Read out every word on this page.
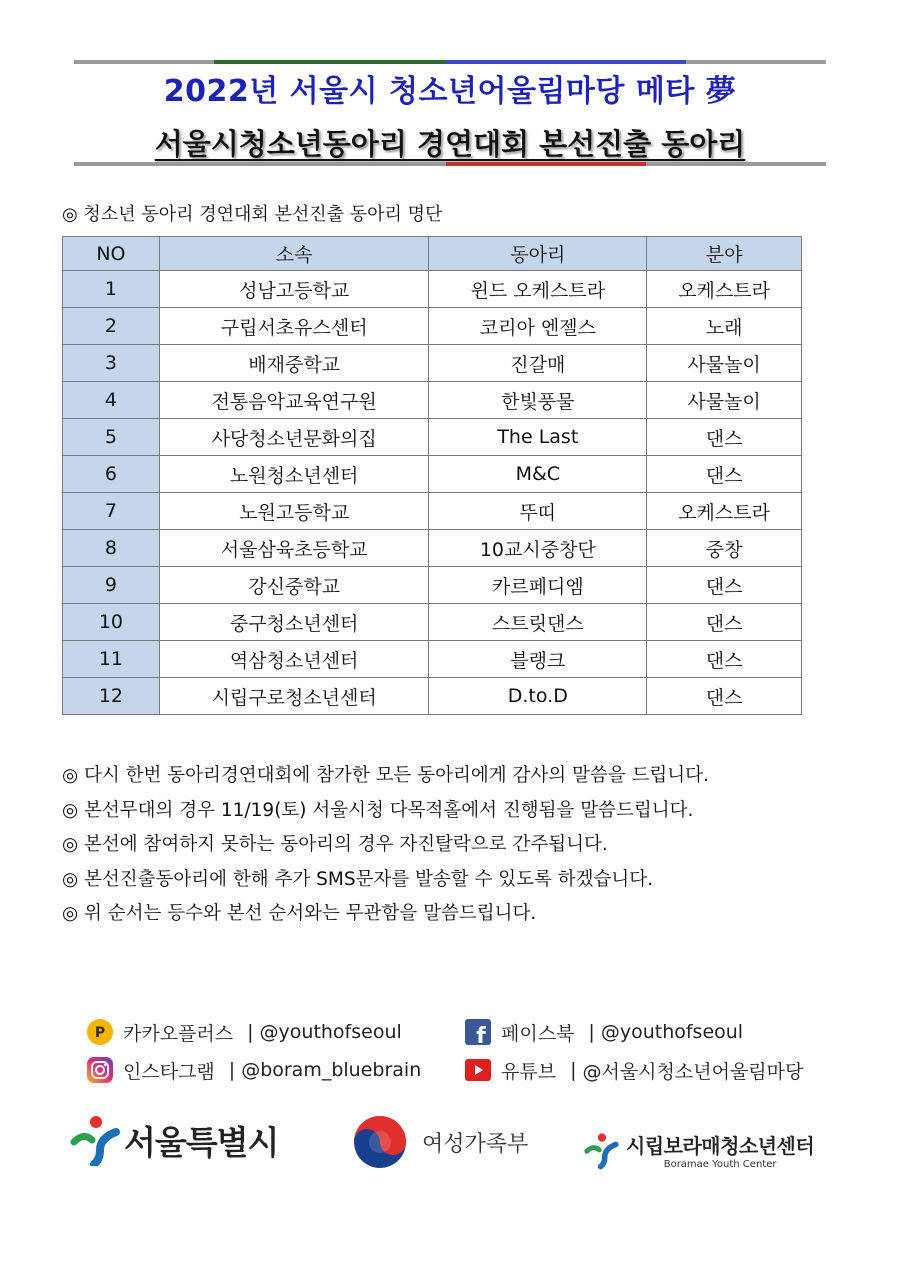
2022년 서울시 청소년어울림마당 메타 夢
서울시청소년동아리 경연대회 본선진출 동아리
◎ 청소년 동아리 경연대회 본선진출 동아리 명단
NO	소속	동아리	분야
1	성남고등학교	윈드 오케스트라	오케스트라
2	구립서초유스센터	코리아 엔젤스	노래
3	배재중학교	진갈매	사물놀이
4	전통음악교육연구원	한빛풍물	사물놀이
5	사당청소년문화의집	The Last	댄스
6	노원청소년센터	M&C	댄스
7	노원고등학교	뚜띠	오케스트라
8	서울삼육초등학교	10교시중창단	중창
9	강신중학교	카르페디엠	댄스
10	중구청소년센터	스트릿댄스	댄스
11	역삼청소년센터	블랭크	댄스
12	시립구로청소년센터	D.to.D	댄스
◎ 다시 한번 동아리경연대회에 참가한 모든 동아리에게 감사의 말씀을 드립니다.
◎ 본선무대의 경우 11/19(토) 서울시청 다목적홀에서 진행됨을 말씀드립니다.
◎ 본선에 참여하지 못하는 동아리의 경우 자진탈락으로 간주됩니다.
◎ 본선진출동아리에 한해 추가 SMS문자를 발송할 수 있도록 하겠습니다.
◎ 위 순서는 등수와 본선 순서와는 무관함을 말씀드립니다.
P 카카오플러스 | @youthofseoul	f 페이스북 | @youthofseoul
인스타그램 | @boram_bluebrain	유튜브 | @서울시청소년어울림마당
서울특별시	여성가족부	시립보라매청소년센터
Boramae Youth Center
